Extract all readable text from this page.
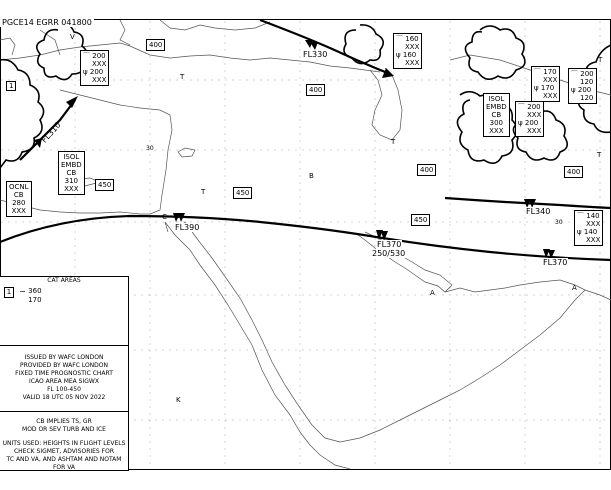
PGCE14 EGRR 041800
1
400
400
450
450
450
400	400
FL330
FL310
FL390
FL370
250/530
FL340
FL370
⌒ 200
XXX
ψ 200
XXX
⌒ 160
XXX
ψ 160
XXX
⌒ 170
XXX
ψ 170
XXX
⌒ 200
120
ψ 200
120
⌒ 200
XXX
ψ 200
XXX
⌒ 140
XXX
ψ 140
XXX
ISOL
EMBD
CB
310
XXX
OCNL
CB
280
XXX
ISOL
EMBD
CB
300
XXX
30
30
V
T
T
T
T
C
B
K
A
T
A
CAT AREAS
1 ∼ 360
170
ISSUED BY WAFC LONDON
PROVIDED BY WAFC LONDON
FIXED TIME PROGNOSTIC CHART
ICAO AREA MEA SIGWX
FL 100-450
VALID 18 UTC 05 NOV 2022
CB IMPLIES TS, GR
MOD OR SEV TURB AND ICE
UNITS USED: HEIGHTS IN FLIGHT LEVELS
CHECK SIGMET, ADVISORIES FOR
TC AND VA, AND ASHTAM AND NOTAM FOR VA
